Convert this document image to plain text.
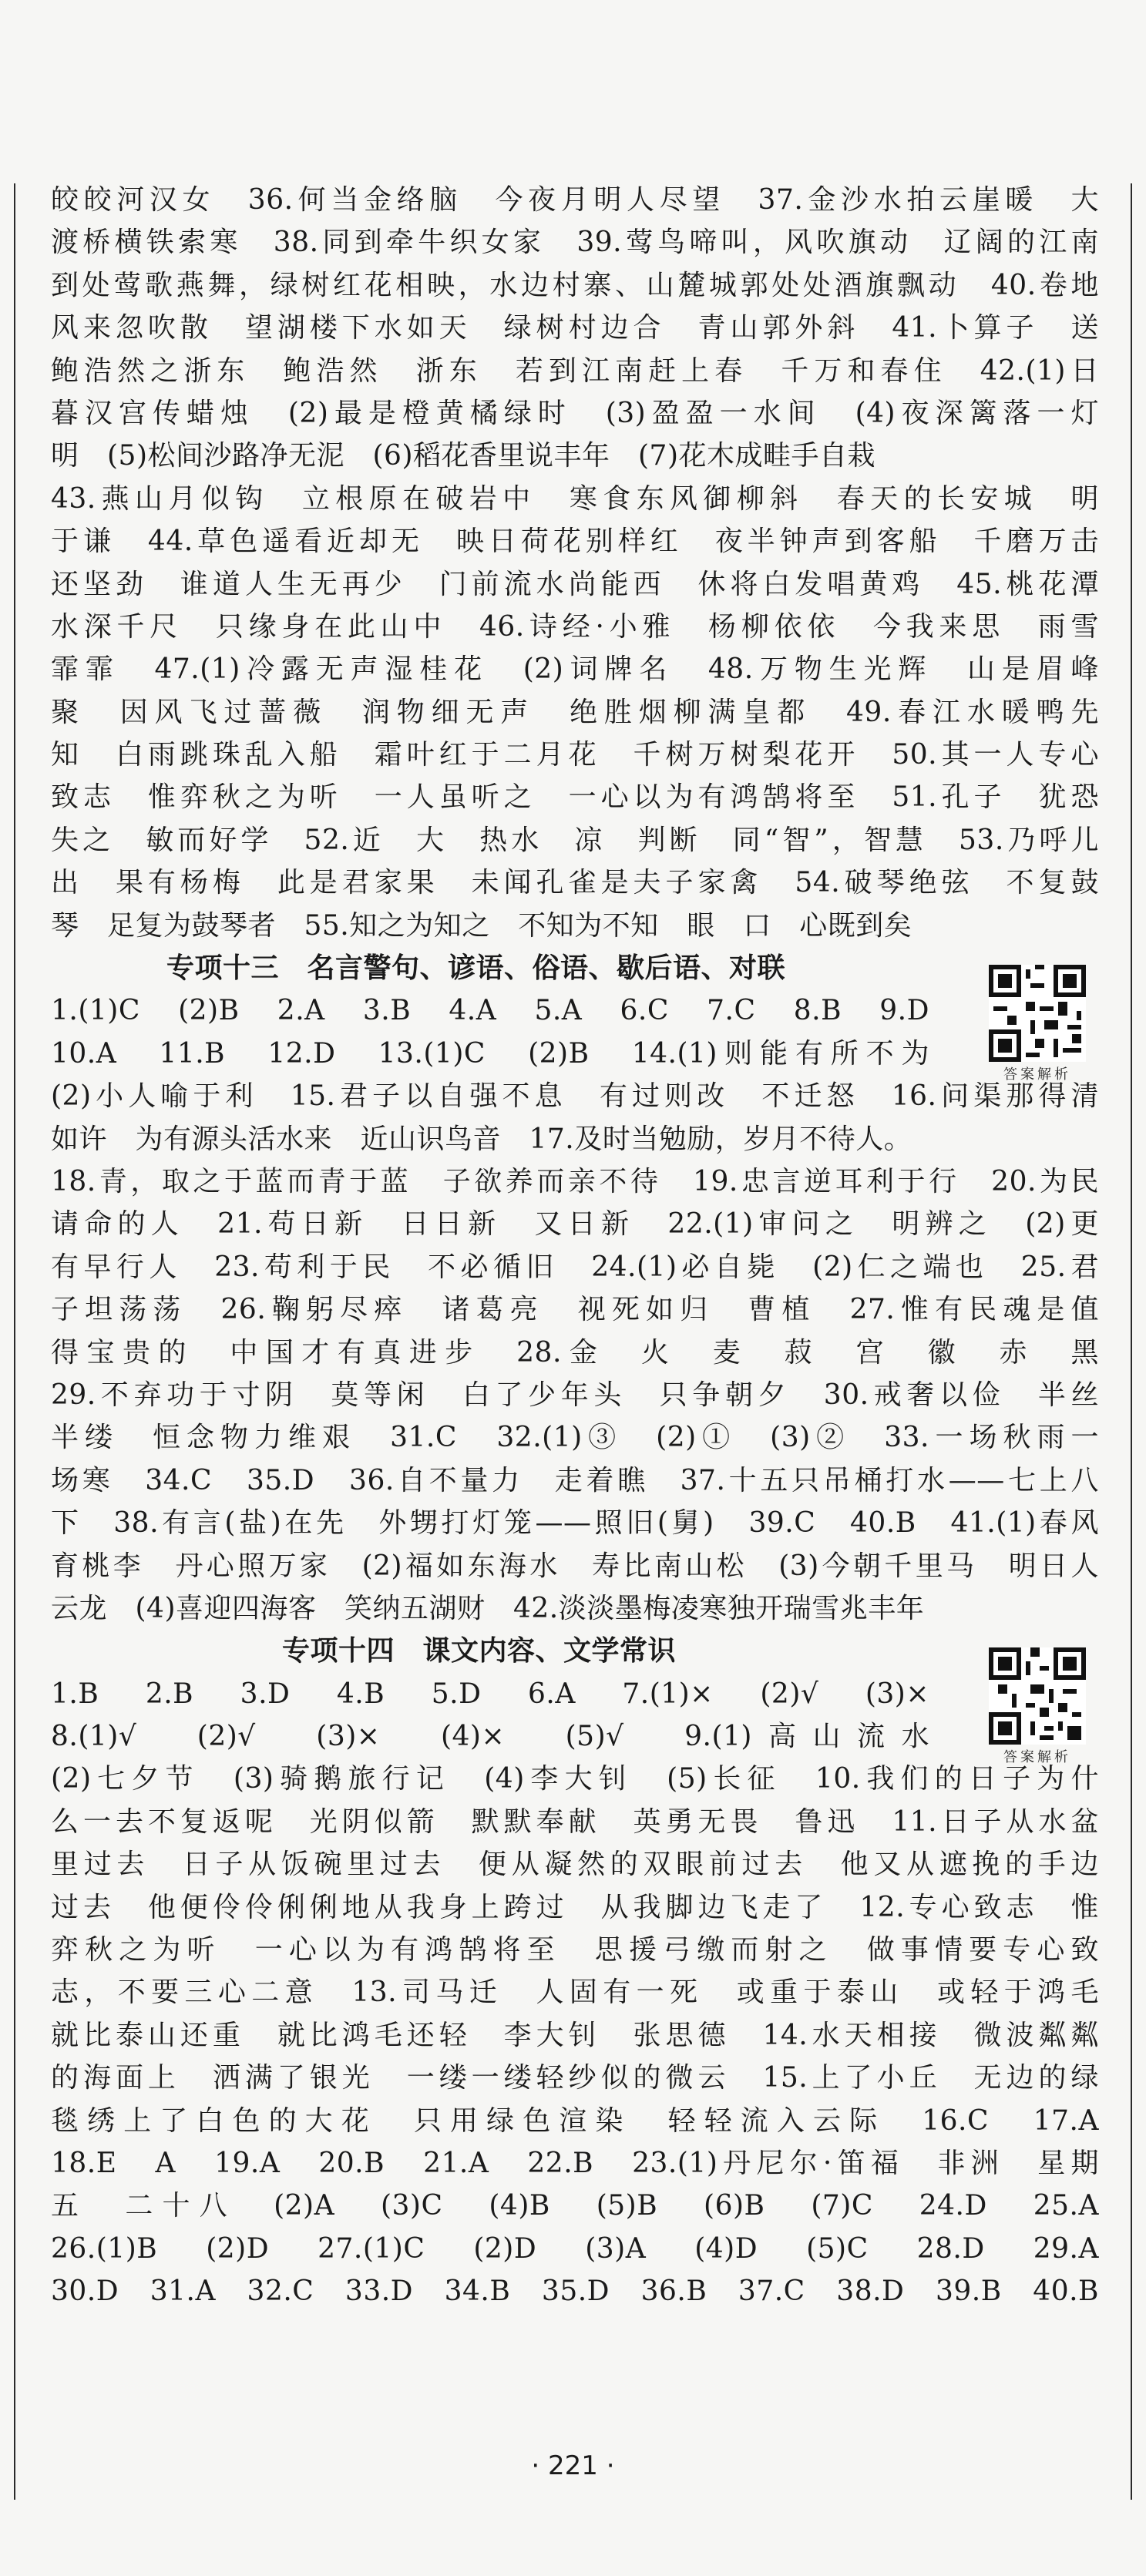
皎皎河汉女　36.何当金络脑　今夜月明人尽望　37.金沙水拍云崖暖　大
渡桥横铁索寒　38.同到牵牛织女家　39.莺鸟啼叫，风吹旗动　辽阔的江南
到处莺歌燕舞，绿树红花相映，水边村寨、山麓城郭处处酒旗飘动　40.卷地
风来忽吹散　望湖楼下水如天　绿树村边合　青山郭外斜　41.卜算子　送
鲍浩然之浙东　鲍浩然　浙东　若到江南赶上春　千万和春住　42.(1)日
暮汉宫传蜡烛　(2)最是橙黄橘绿时　(3)盈盈一水间　(4)夜深篱落一灯
明　(5)松间沙路净无泥　(6)稻花香里说丰年　(7)花木成畦手自栽
43.燕山月似钩　立根原在破岩中　寒食东风御柳斜　春天的长安城　明
于谦　44.草色遥看近却无　映日荷花别样红　夜半钟声到客船　千磨万击
还坚劲　谁道人生无再少　门前流水尚能西　休将白发唱黄鸡　45.桃花潭
水深千尺　只缘身在此山中　46.诗经·小雅　杨柳依依　今我来思　雨雪
霏霏　47.(1)冷露无声湿桂花　(2)词牌名　48.万物生光辉　山是眉峰
聚　因风飞过蔷薇　润物细无声　绝胜烟柳满皇都　49.春江水暖鸭先
知　白雨跳珠乱入船　霜叶红于二月花　千树万树梨花开　50.其一人专心
致志　惟弈秋之为听　一人虽听之　一心以为有鸿鹄将至　51.孔子　犹恐
失之　敏而好学　52.近　大　热水　凉　判断　同“智”，智慧　53.乃呼儿
出　果有杨梅　此是君家果　未闻孔雀是夫子家禽　54.破琴绝弦　不复鼓
琴　足复为鼓琴者　55.知之为知之　不知为不知　眼　口　心既到矣
专项十三　名言警句、谚语、俗语、歇后语、对联
1.(1)C　(2)B　2.A　3.B　4.A　5.A　6.C　7.C　8.B　9.D
10.A　11.B　12.D　13.(1)C　(2)B　14.(1)则能有所不为
(2)小人喻于利　15.君子以自强不息　有过则改　不迁怒　16.问渠那得清
如许　为有源头活水来　近山识鸟音　17.及时当勉励，岁月不待人。
18.青，取之于蓝而青于蓝　子欲养而亲不待　19.忠言逆耳利于行　20.为民
请命的人　21.苟日新　日日新　又日新　22.(1)审问之　明辨之　(2)更
有早行人　23.苟利于民　不必循旧　24.(1)必自毙　(2)仁之端也　25.君
子坦荡荡　26.鞠躬尽瘁　诸葛亮　视死如归　曹植　27.惟有民魂是值
得宝贵的　中国才有真进步　28.金　火　麦　菽　宫　徽　赤　黑
29.不弃功于寸阴　莫等闲　白了少年头　只争朝夕　30.戒奢以俭　半丝
半缕　恒念物力维艰　31.C　32.(1)③　(2)①　(3)②　33.一场秋雨一
场寒　34.C　35.D　36.自不量力　走着瞧　37.十五只吊桶打水——七上八
下　38.有言(盐)在先　外甥打灯笼——照旧(舅)　39.C　40.B　41.(1)春风
育桃李　丹心照万家　(2)福如东海水　寿比南山松　(3)今朝千里马　明日人
云龙　(4)喜迎四海客　笑纳五湖财　42.淡淡墨梅凌寒独开瑞雪兆丰年
专项十四　课文内容、文学常识
1.B　2.B　3.D　4.B　5.D　6.A　7.(1)×　(2)√　(3)×
8.(1)√　(2)√　(3)×　(4)×　(5)√　9.(1)高山流水
(2)七夕节　(3)骑鹅旅行记　(4)李大钊　(5)长征　10.我们的日子为什
么一去不复返呢　光阴似箭　默默奉献　英勇无畏　鲁迅　11.日子从水盆
里过去　日子从饭碗里过去　便从凝然的双眼前过去　他又从遮挽的手边
过去　他便伶伶俐俐地从我身上跨过　从我脚边飞走了　12.专心致志　惟
弈秋之为听　一心以为有鸿鹄将至　思援弓缴而射之　做事情要专心致
志，不要三心二意　13.司马迁　人固有一死　或重于泰山　或轻于鸿毛
就比泰山还重　就比鸿毛还轻　李大钊　张思德　14.水天相接　微波粼粼
的海面上　洒满了银光　一缕一缕轻纱似的微云　15.上了小丘　无边的绿
毯绣上了白色的大花　只用绿色渲染　轻轻流入云际　16.C　17.A
18.E　A　19.A　20.B　21.A　22.B　23.(1)丹尼尔·笛福　非洲　星期
五　二十八　(2)A　(3)C　(4)B　(5)B　(6)B　(7)C　24.D　25.A
26.(1)B　(2)D　27.(1)C　(2)D　(3)A　(4)D　(5)C　28.D　29.A
30.D　31.A　32.C　33.D　34.B　35.D　36.B　37.C　38.D　39.B　40.B
答案解析
答案解析
· 221 ·
